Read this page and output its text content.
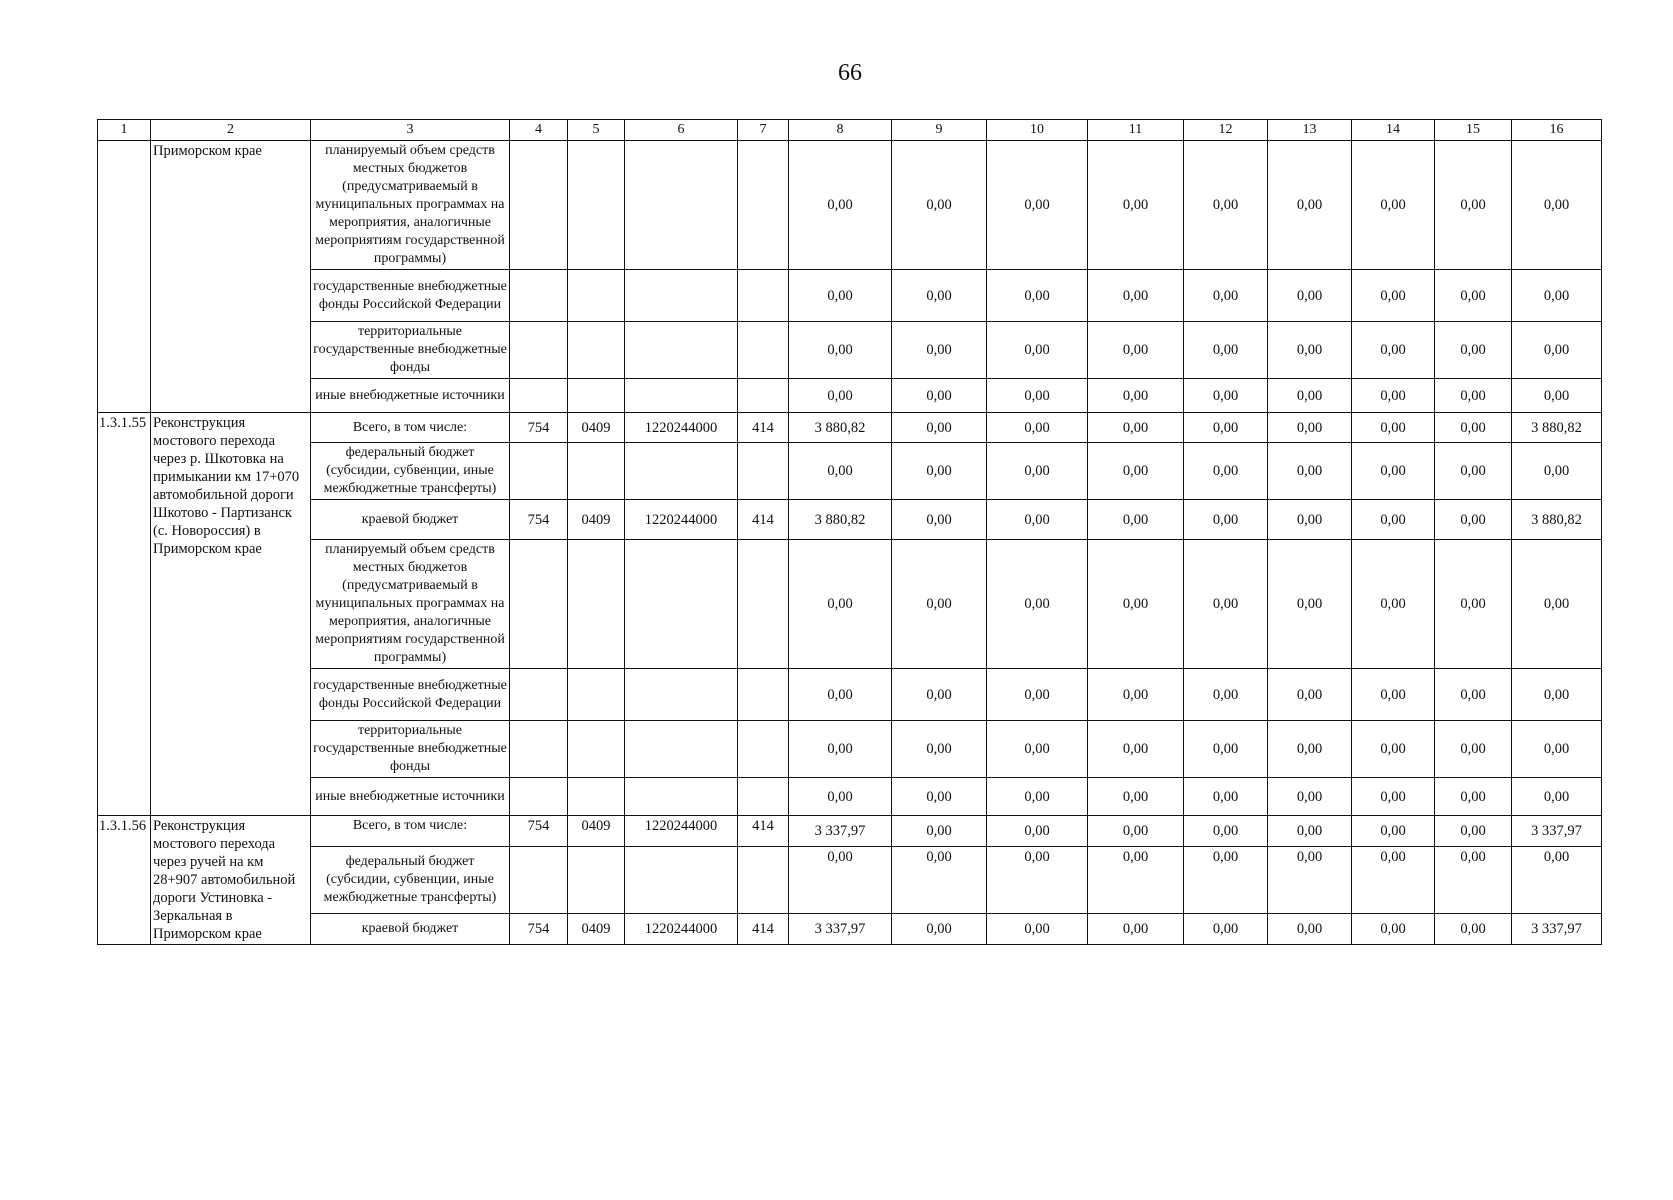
66
1	2	3	4	5	6	7	8	9	10	11	12	13	14	15	16
	Приморском крае	планируемый объем средств местных бюджетов (предусматриваемый в муниципальных программах на мероприятия, аналогичные мероприятиям государственной программы)					0,00	0,00	0,00	0,00	0,00	0,00	0,00	0,00	0,00
		государственные внебюджетные фонды Российской Федерации					0,00	0,00	0,00	0,00	0,00	0,00	0,00	0,00	0,00
		территориальные государственные внебюджетные фонды					0,00	0,00	0,00	0,00	0,00	0,00	0,00	0,00	0,00
		иные внебюджетные источники					0,00	0,00	0,00	0,00	0,00	0,00	0,00	0,00	0,00
1.3.1.55	Реконструкция мостового перехода через р. Шкотовка на примыкании км 17+070 автомобильной дороги Шкотово - Партизанск (с. Новороссия) в Приморском крае	Всего, в том числе:	754	0409	1220244000	414	3 880,82	0,00	0,00	0,00	0,00	0,00	0,00	0,00	3 880,82
		федеральный бюджет (субсидии, субвенции, иные межбюджетные трансферты)					0,00	0,00	0,00	0,00	0,00	0,00	0,00	0,00	0,00
		краевой бюджет	754	0409	1220244000	414	3 880,82	0,00	0,00	0,00	0,00	0,00	0,00	0,00	3 880,82
		планируемый объем средств местных бюджетов (предусматриваемый в муниципальных программах на мероприятия, аналогичные мероприятиям государственной программы)					0,00	0,00	0,00	0,00	0,00	0,00	0,00	0,00	0,00
		государственные внебюджетные фонды Российской Федерации					0,00	0,00	0,00	0,00	0,00	0,00	0,00	0,00	0,00
		территориальные государственные внебюджетные фонды					0,00	0,00	0,00	0,00	0,00	0,00	0,00	0,00	0,00
		иные внебюджетные источники					0,00	0,00	0,00	0,00	0,00	0,00	0,00	0,00	0,00
1.3.1.56	Реконструкция мостового перехода через ручей на км 28+907 автомобильной дороги Устиновка - Зеркальная в Приморском крае	Всего, в том числе:	754	0409	1220244000	414	3 337,97	0,00	0,00	0,00	0,00	0,00	0,00	0,00	3 337,97
		федеральный бюджет (субсидии, субвенции, иные межбюджетные трансферты)					0,00	0,00	0,00	0,00	0,00	0,00	0,00	0,00	0,00
		краевой бюджет	754	0409	1220244000	414	3 337,97	0,00	0,00	0,00	0,00	0,00	0,00	0,00	3 337,97
